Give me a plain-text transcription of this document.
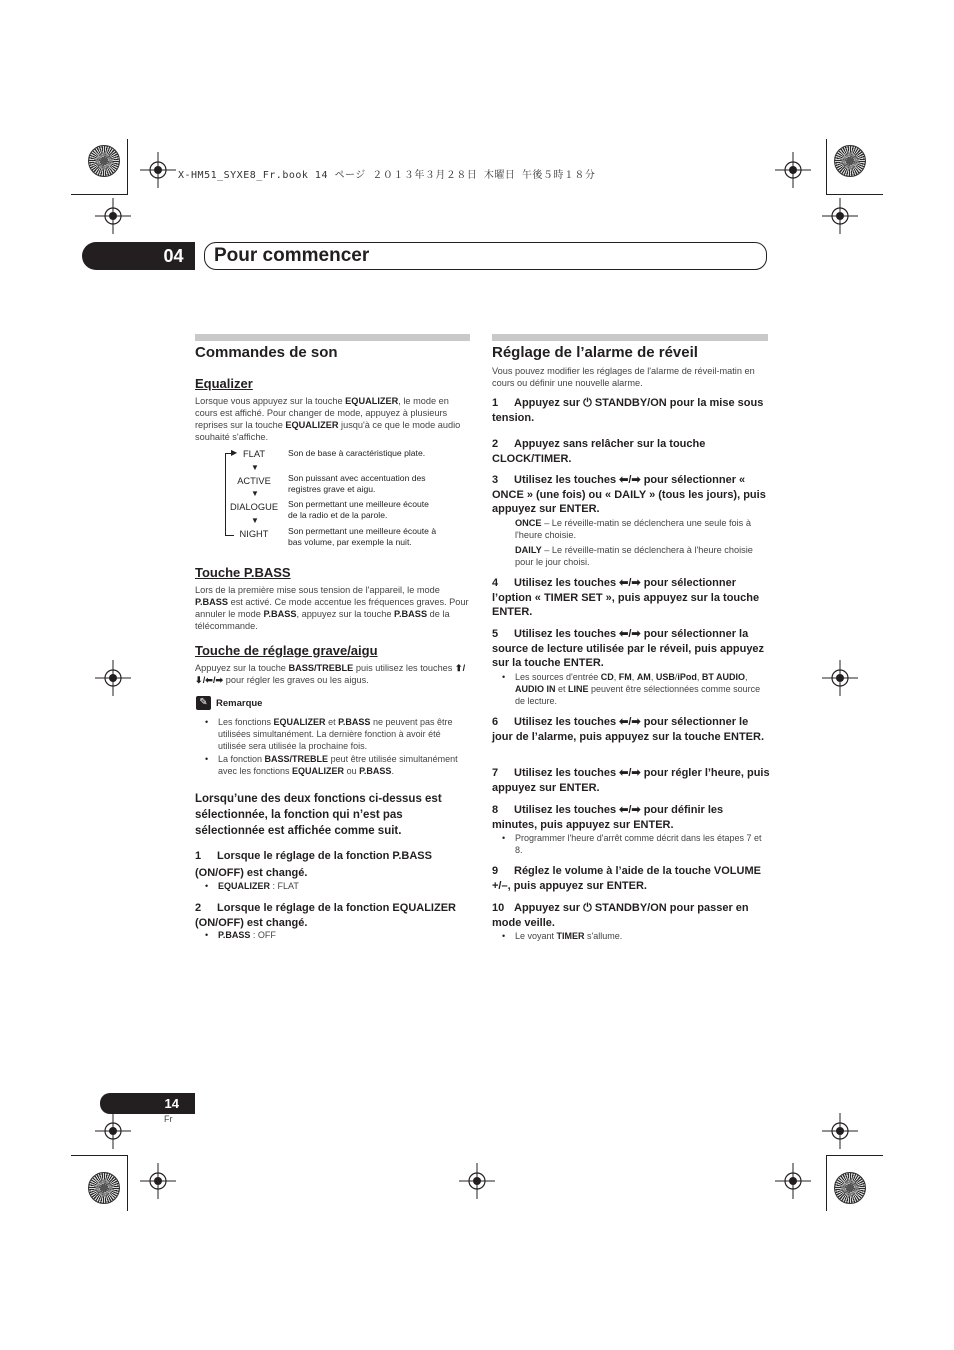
X-HM51_SYXE8_Fr.book 14 ページ ２０１３年３月２８日 木曜日 午後５時１８分
04	Pour commencer
Commandes de son
Equalizer
Lorsque vous appuyez sur la touche EQUALIZER, le mode en cours est affiché. Pour changer de mode, appuyez à plusieurs reprises sur la touche EQUALIZER jusqu'à ce que le mode audio souhaité s'affiche.
▶ FLAT
▼
ACTIVE
▼
DIALOGUE
▼
NIGHT
Son de base à caractéristique plate.
Son puissant avec accentuation des registres grave et aigu.
Son permettant une meilleure écoute de la radio et de la parole.
Son permettant une meilleure écoute à bas volume, par exemple la nuit.
Touche P.BASS
Lors de la première mise sous tension de l'appareil, le mode P.BASS est activé. Ce mode accentue les fréquences graves. Pour annuler le mode P.BASS, appuyez sur la touche P.BASS de la télécommande.
Touche de réglage grave/aigu
Appuyez sur la touche BASS/TREBLE puis utilisez les touches ⬆/⬇/⬅/➡ pour régler les graves ou les aigus.
✎ Remarque
• Les fonctions EQUALIZER et P.BASS ne peuvent pas être utilisées simultanément. La dernière fonction à avoir été utilisée sera utilisée la prochaine fois.
• La fonction BASS/TREBLE peut être utilisée simultanément avec les fonctions EQUALIZER ou P.BASS.
Lorsqu’une des deux fonctions ci-dessus est sélectionnée, la fonction qui n’est pas sélectionnée est affichée comme suit.
1 Lorsque le réglage de la fonction P.BASS (ON/OFF) est changé.
• EQUALIZER : FLAT
2 Lorsque le réglage de la fonction EQUALIZER (ON/OFF) est changé.
• P.BASS : OFF
Réglage de l’alarme de réveil
Vous pouvez modifier les réglages de l'alarme de réveil-matin en cours ou définir une nouvelle alarme.
1 Appuyez sur ⏻ STANDBY/ON pour la mise sous tension.
2 Appuyez sans relâcher sur la touche CLOCK/TIMER.
3 Utilisez les touches ⬅/➡ pour sélectionner « ONCE » (une fois) ou « DAILY » (tous les jours), puis appuyez sur ENTER.
ONCE – Le réveille-matin se déclenchera une seule fois à l'heure choisie.
DAILY – Le réveille-matin se déclenchera à l'heure choisie pour le jour choisi.
4 Utilisez les touches ⬅/➡ pour sélectionner l’option « TIMER SET », puis appuyez sur la touche ENTER.
5 Utilisez les touches ⬅/➡ pour sélectionner la source de lecture utilisée par le réveil, puis appuyez sur la touche ENTER.
• Les sources d'entrée CD, FM, AM, USB/iPod, BT AUDIO, AUDIO IN et LINE peuvent être sélectionnées comme source de lecture.
6 Utilisez les touches ⬅/➡ pour sélectionner le jour de l’alarme, puis appuyez sur la touche ENTER.
7 Utilisez les touches ⬅/➡ pour régler l’heure, puis appuyez sur ENTER.
8 Utilisez les touches ⬅/➡ pour définir les minutes, puis appuyez sur ENTER.
• Programmer l'heure d'arrêt comme décrit dans les étapes 7 et 8.
9 Réglez le volume à l’aide de la touche VOLUME +/–, puis appuyez sur ENTER.
10 Appuyez sur ⏻ STANDBY/ON pour passer en mode veille.
• Le voyant TIMER s'allume.
14
Fr
